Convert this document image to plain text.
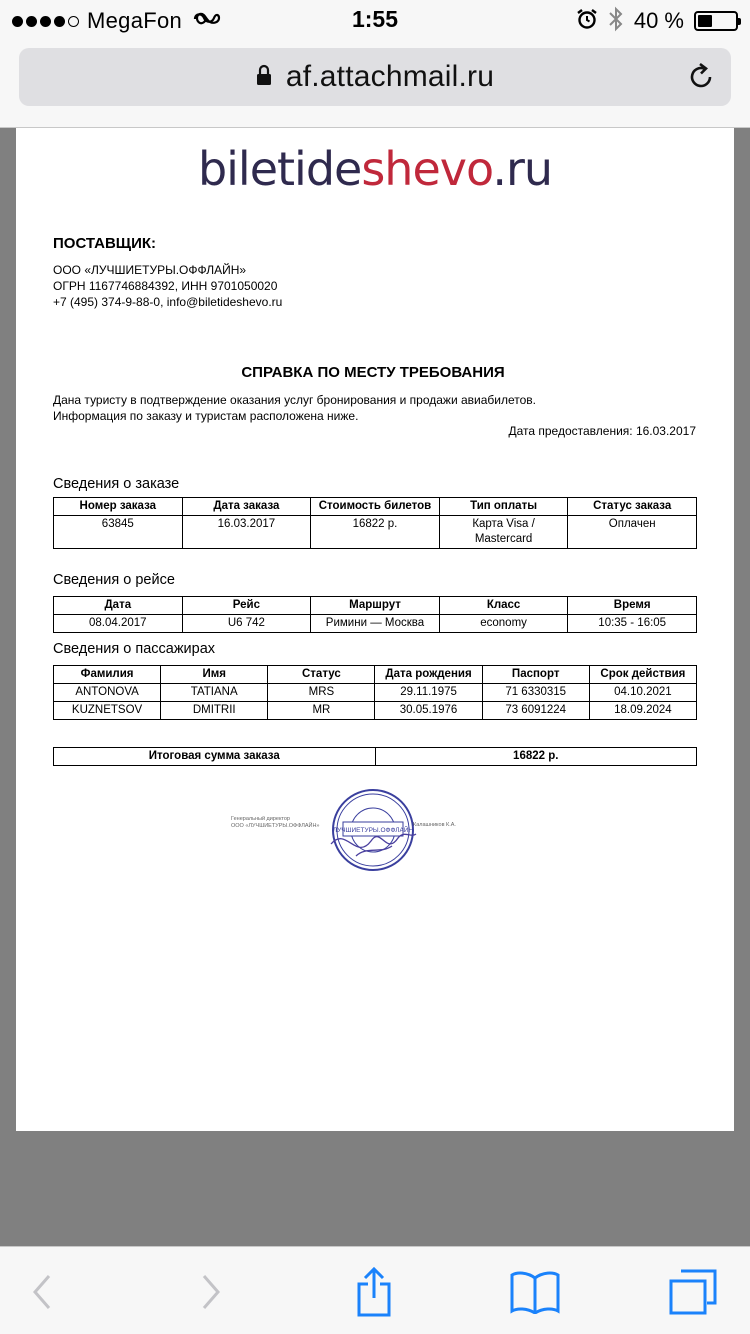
MegaFon	1:55	40 %
af.attachmail.ru
biletideshevo.ru
ПОСТАВЩИК:
ООО «ЛУЧШИЕТУРЫ.ОФФЛАЙН»
ОГРН 1167746884392, ИНН 9701050020
+7 (495) 374-9-88-0, info@biletideshevo.ru
СПРАВКА ПО МЕСТУ ТРЕБОВАНИЯ
Дана туристу в подтверждение оказания услуг бронирования и продажи авиабилетов.
Информация по заказу и туристам расположена ниже.
Дата предоставления: 16.03.2017
Сведения о заказе
Номер заказа	Дата заказа	Стоимость билетов	Тип оплаты	Статус заказа
63845	16.03.2017	16822 р.	Карта Visa / Mastercard	Оплачен
Сведения о рейсе
Дата	Рейс	Маршрут	Класс	Время
08.04.2017	U6 742	Римини — Москва	economy	10:35 - 16:05
Сведения о пассажирах
Фамилия	Имя	Статус	Дата рождения	Паспорт	Срок действия
ANTONOVA	TATIANA	MRS	29.11.1975	71 6330315	04.10.2021
KUZNETSOV	DMITRII	MR	30.05.1976	73 6091224	18.09.2024
Итоговая сумма заказа	16822 р.
Генеральный директор
ООО «ЛУЧШИЕТУРЫ.ОФФЛАЙН»	Калашников К.А.
ЛУЧШИЕТУРЫ.ОФФЛАЙН
